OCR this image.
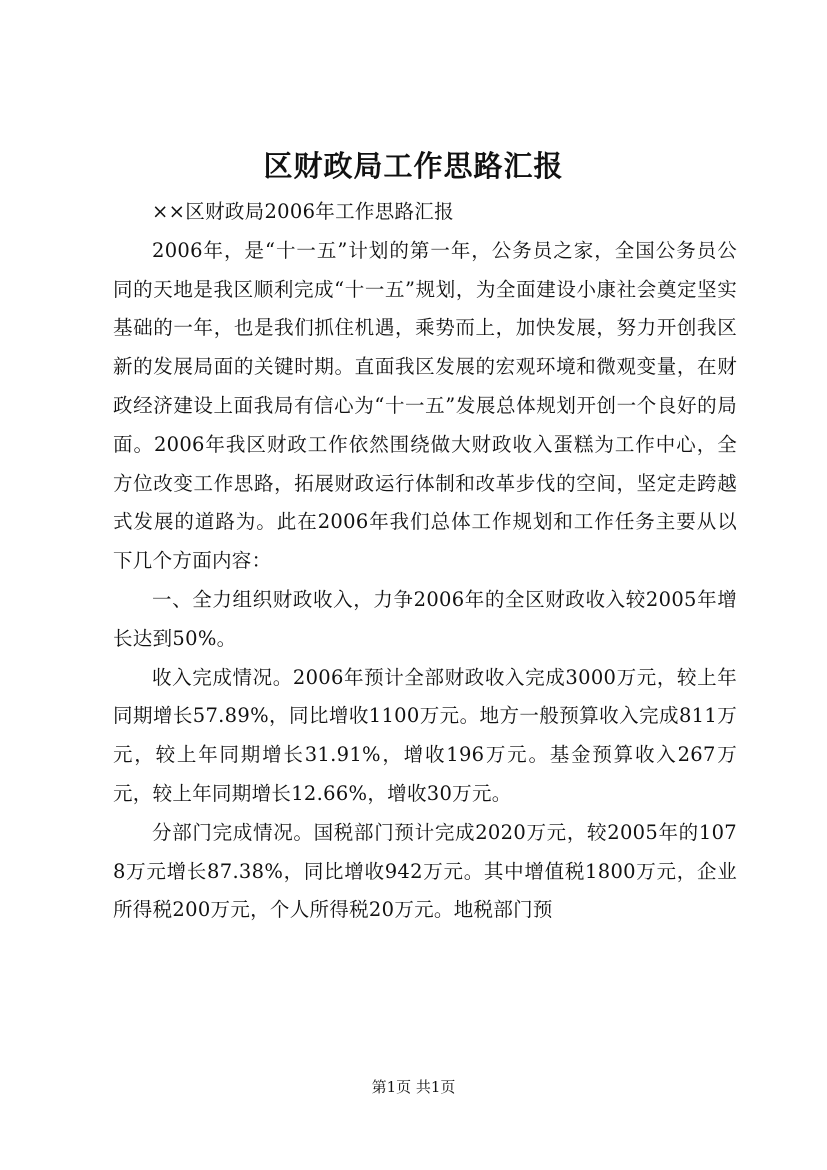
区财政局工作思路汇报

××区财政局2006年工作思路汇报

2006年，是“十一五”计划的第一年，公务员之家，全国公务员公同的天地是我区顺利完成“十一五”规划，为全面建设小康社会奠定坚实基础的一年，也是我们抓住机遇，乘势而上，加快发展，努力开创我区新的发展局面的关键时期。直面我区发展的宏观环境和微观变量，在财政经济建设上面我局有信心为“十一五”发展总体规划开创一个良好的局面。2006年我区财政工作依然围绕做大财政收入蛋糕为工作中心，全方位改变工作思路，拓展财政运行体制和改革步伐的空间，坚定走跨越式发展的道路为。此在2006年我们总体工作规划和工作任务主要从以下几个方面内容：

一、全力组织财政收入，力争2006年的全区财政收入较2005年增长达到50%。

收入完成情况。2006年预计全部财政收入完成3000万元，较上年同期增长57.89%，同比增收1100万元。地方一般预算收入完成811万元，较上年同期增长31.91%，增收196万元。基金预算收入267万元，较上年同期增长12.66%，增收30万元。

分部门完成情况。国税部门预计完成2020万元，较2005年的1078万元增长87.38%，同比增收942万元。其中增值税1800万元，企业所得税200万元，个人所得税20万元。地税部门预

第1页 共1页
